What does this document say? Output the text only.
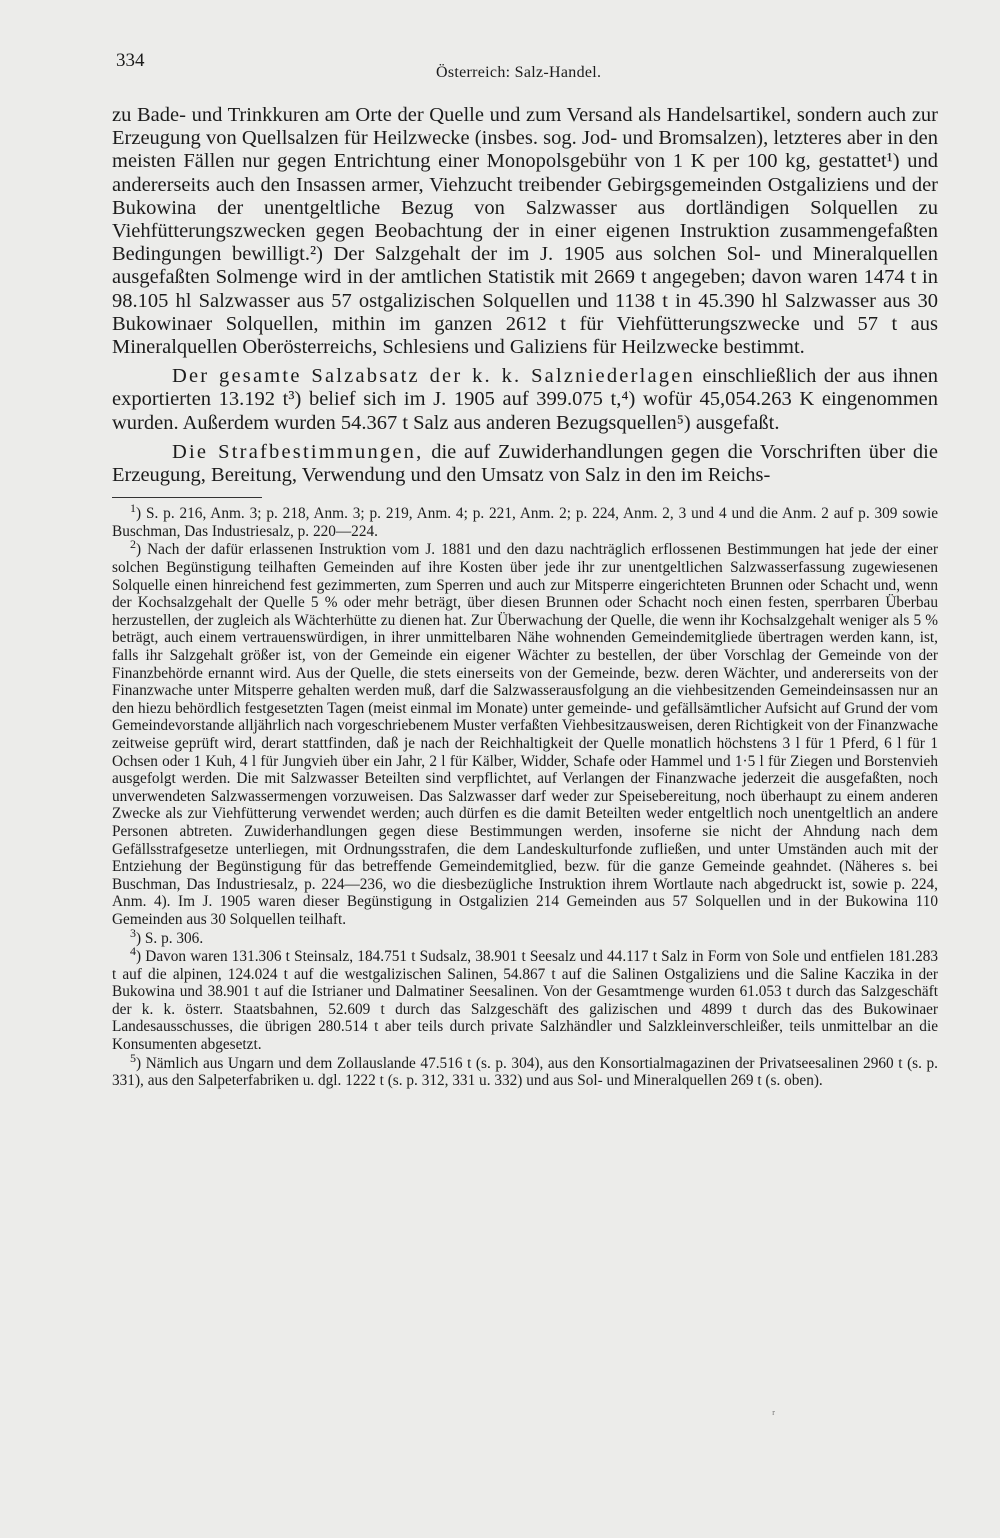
334
Österreich: Salz-Handel.

zu Bade- und Trinkkuren am Orte der Quelle und zum Versand als Handelsartikel, sondern auch zur Erzeugung von Quellsalzen für Heilzwecke (insbes. sog. Jod- und Bromsalzen), letzteres aber in den meisten Fällen nur gegen Entrichtung einer Monopolsgebühr von 1 K per 100 kg, gestattet¹) und andererseits auch den Insassen armer, Viehzucht treibender Gebirgsgemeinden Ostgaliziens und der Bukowina der unentgeltliche Bezug von Salzwasser aus dortländigen Solquellen zu Viehfütterungszwecken gegen Beobachtung der in einer eigenen Instruktion zusammengefaßten Bedingungen bewilligt.²) Der Salzgehalt der im J. 1905 aus solchen Sol- und Mineralquellen ausgefaßten Solmenge wird in der amtlichen Statistik mit 2669 t angegeben; davon waren 1474 t in 98.105 hl Salzwasser aus 57 ostgalizischen Solquellen und 1138 t in 45.390 hl Salzwasser aus 30 Bukowinaer Solquellen, mithin im ganzen 2612 t für Viehfütterungszwecke und 57 t aus Mineralquellen Oberösterreichs, Schlesiens und Galiziens für Heilzwecke bestimmt.

Der gesamte Salzabsatz der k. k. Salzniederlagen einschließlich der aus ihnen exportierten 13.192 t³) belief sich im J. 1905 auf 399.075 t,⁴) wofür 45,054.263 K eingenommen wurden. Außerdem wurden 54.367 t Salz aus anderen Bezugsquellen⁵) ausgefaßt.

Die Strafbestimmungen, die auf Zuwiderhandlungen gegen die Vorschriften über die Erzeugung, Bereitung, Verwendung und den Umsatz von Salz in den im Reichs-

$^1$) S. p. 216, Anm. 3; p. 218, Anm. 3; p. 219, Anm. 4; p. 221, Anm. 2; p. 224, Anm. 2, 3 und 4 und die Anm. 2 auf p. 309 sowie Buschman, Das Industriesalz, p. 220—224.

$^2$) Nach der dafür erlassenen Instruktion vom J. 1881 und den dazu nachträglich erflossenen Bestimmungen hat jede der einer solchen Begünstigung teilhaften Gemeinden auf ihre Kosten über jede ihr zur unentgeltlichen Salzwasserfassung zugewiesenen Solquelle einen hinreichend fest gezimmerten, zum Sperren und auch zur Mitsperre eingerichteten Brunnen oder Schacht und, wenn der Kochsalzgehalt der Quelle 5 % oder mehr beträgt, über diesen Brunnen oder Schacht noch einen festen, sperrbaren Überbau herzustellen, der zugleich als Wächterhütte zu dienen hat. Zur Überwachung der Quelle, die wenn ihr Kochsalzgehalt weniger als 5 % beträgt, auch einem vertrauenswürdigen, in ihrer unmittelbaren Nähe wohnenden Gemeindemitgliede übertragen werden kann, ist, falls ihr Salzgehalt größer ist, von der Gemeinde ein eigener Wächter zu bestellen, der über Vorschlag der Gemeinde von der Finanzbehörde ernannt wird. Aus der Quelle, die stets einerseits von der Gemeinde, bezw. deren Wächter, und andererseits von der Finanzwache unter Mitsperre gehalten werden muß, darf die Salzwasserausfolgung an die viehbesitzenden Gemeindeinsassen nur an den hiezu behördlich festgesetzten Tagen (meist einmal im Monate) unter gemeinde- und gefällsämtlicher Aufsicht auf Grund der vom Gemeindevorstande alljährlich nach vorgeschriebenem Muster verfaßten Viehbesitzausweisen, deren Richtigkeit von der Finanzwache zeitweise geprüft wird, derart stattfinden, daß je nach der Reichhaltigkeit der Quelle monatlich höchstens 3 l für 1 Pferd, 6 l für 1 Ochsen oder 1 Kuh, 4 l für Jungvieh über ein Jahr, 2 l für Kälber, Widder, Schafe oder Hammel und 1·5 l für Ziegen und Borstenvieh ausgefolgt werden. Die mit Salzwasser Beteilten sind verpflichtet, auf Verlangen der Finanzwache jederzeit die ausgefaßten, noch unverwendeten Salzwassermengen vorzuweisen. Das Salzwasser darf weder zur Speisebereitung, noch überhaupt zu einem anderen Zwecke als zur Viehfütterung verwendet werden; auch dürfen es die damit Beteilten weder entgeltlich noch unentgeltlich an andere Personen abtreten. Zuwiderhandlungen gegen diese Bestimmungen werden, insoferne sie nicht der Ahndung nach dem Gefällsstrafgesetze unterliegen, mit Ordnungsstrafen, die dem Landeskulturfonde zufließen, und unter Umständen auch mit der Entziehung der Begünstigung für das betreffende Gemeindemitglied, bezw. für die ganze Gemeinde geahndet. (Näheres s. bei Buschman, Das Industriesalz, p. 224—236, wo die diesbezügliche Instruktion ihrem Wortlaute nach abgedruckt ist, sowie p. 224, Anm. 4). Im J. 1905 waren dieser Begünstigung in Ostgalizien 214 Gemeinden aus 57 Solquellen und in der Bukowina 110 Gemeinden aus 30 Solquellen teilhaft.

$^3$) S. p. 306.

$^4$) Davon waren 131.306 t Steinsalz, 184.751 t Sudsalz, 38.901 t Seesalz und 44.117 t Salz in Form von Sole und entfielen 181.283 t auf die alpinen, 124.024 t auf die westgalizischen Salinen, 54.867 t auf die Salinen Ostgaliziens und die Saline Kaczika in der Bukowina und 38.901 t auf die Istrianer und Dalmatiner Seesalinen. Von der Gesamtmenge wurden 61.053 t durch das Salzgeschäft der k. k. österr. Staatsbahnen, 52.609 t durch das Salzgeschäft des galizischen und 4899 t durch das des Bukowinaer Landesausschusses, die übrigen 280.514 t aber teils durch private Salzhändler und Salzkleinverschleißer, teils unmittelbar an die Konsumenten abgesetzt.

$^5$) Nämlich aus Ungarn und dem Zollauslande 47.516 t (s. p. 304), aus den Konsortialmagazinen der Privatseesalinen 2960 t (s. p. 331), aus den Salpeterfabriken u. dgl. 1222 t (s. p. 312, 331 u. 332) und aus Sol- und Mineralquellen 269 t (s. oben).

ʳ
